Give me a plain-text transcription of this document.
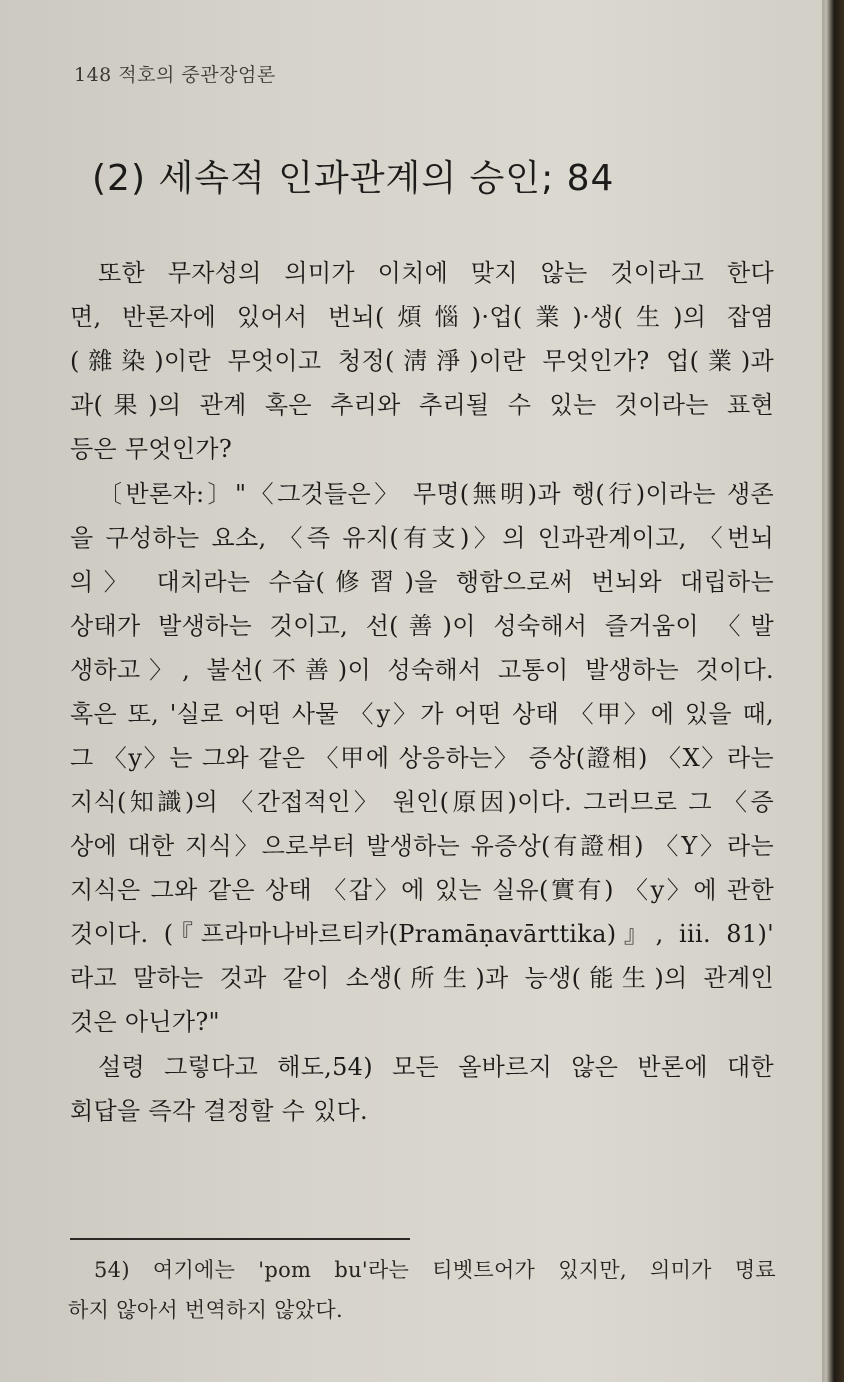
148 적호의 중관장엄론
(2) 세속적 인과관계의 승인; 84
또한 무자성의 의미가 이치에 맞지 않는 것이라고 한다
면, 반론자에 있어서 번뇌(煩惱)·업(業)·생(生)의 잡염
(雜染)이란 무엇이고 청정(淸淨)이란 무엇인가? 업(業)과
과(果)의 관계 혹은 추리와 추리될 수 있는 것이라는 표현
등은 무엇인가?
〔반론자:〕"〈그것들은〉 무명(無明)과 행(行)이라는 생존
을 구성하는 요소, 〈즉 유지(有支)〉의 인과관계이고, 〈번뇌
의〉 대치라는 수습(修習)을 행함으로써 번뇌와 대립하는
상태가 발생하는 것이고, 선(善)이 성숙해서 즐거움이 〈발
생하고〉, 불선(不善)이 성숙해서 고통이 발생하는 것이다.
혹은 또, '실로 어떤 사물 〈y〉가 어떤 상태 〈甲〉에 있을 때,
그 〈y〉는 그와 같은 〈甲에 상응하는〉 증상(證相) 〈X〉라는
지식(知識)의 〈간접적인〉 원인(原因)이다. 그러므로 그 〈증
상에 대한 지식〉으로부터 발생하는 유증상(有證相) 〈Y〉라는
지식은 그와 같은 상태 〈갑〉에 있는 실유(實有) 〈y〉에 관한
것이다. (『프라마나바르티카(Pramāṇavārttika)』, iii. 81)'
라고 말하는 것과 같이 소생(所生)과 능생(能生)의 관계인
것은 아닌가?"
설령 그렇다고 해도,54) 모든 올바르지 않은 반론에 대한
회답을 즉각 결정할 수 있다.
54) 여기에는 'pom bu'라는 티벳트어가 있지만, 의미가 명료
하지 않아서 번역하지 않았다.
